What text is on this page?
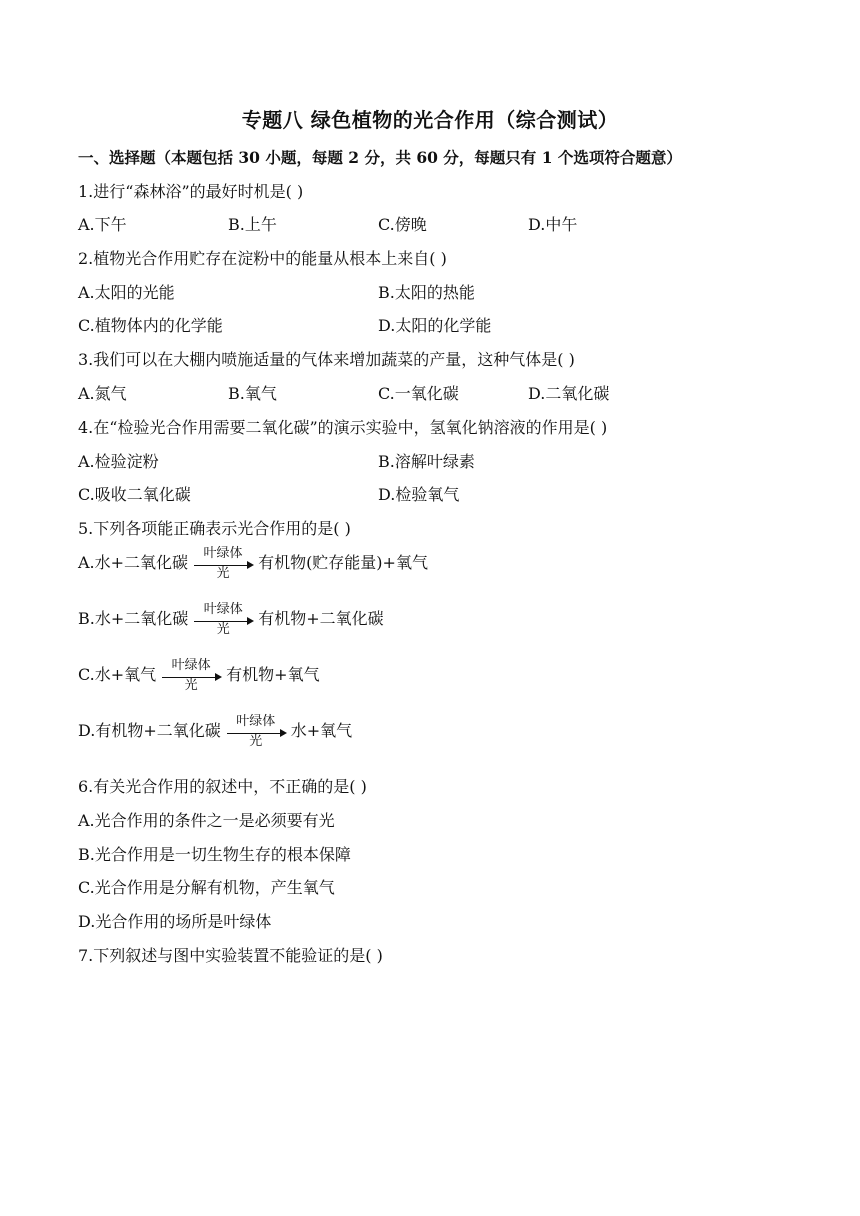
专题八 绿色植物的光合作用（综合测试）
一、选择题（本题包括 30 小题，每题 2 分，共 60 分，每题只有 1 个选项符合题意）
1.进行“森林浴”的最好时机是( )
A.下午	B.上午	C.傍晚	D.中午
2.植物光合作用贮存在淀粉中的能量从根本上来自( )
A.太阳的光能	B.太阳的热能
C.植物体内的化学能	D.太阳的化学能
3.我们可以在大棚内喷施适量的气体来增加蔬菜的产量，这种气体是( )
A.氮气	B.氧气	C.一氧化碳	D.二氧化碳
4.在“检验光合作用需要二氧化碳”的演示实验中，氢氧化钠溶液的作用是( )
A.检验淀粉	B.溶解叶绿素
C.吸收二氧化碳	D.检验氧气
5.下列各项能正确表示光合作用的是( )
A.水+二氧化碳	叶绿体
光
有机物(贮存能量)+氧气
B.水+二氧化碳	叶绿体
光
有机物+二氧化碳
C.水+氧气	叶绿体
光
有机物+氧气
D.有机物+二氧化碳	叶绿体
光
水+氧气
6.有关光合作用的叙述中，不正确的是( )
A.光合作用的条件之一是必须要有光
B.光合作用是一切生物生存的根本保障
C.光合作用是分解有机物，产生氧气
D.光合作用的场所是叶绿体
7.下列叙述与图中实验装置不能验证的是( )
